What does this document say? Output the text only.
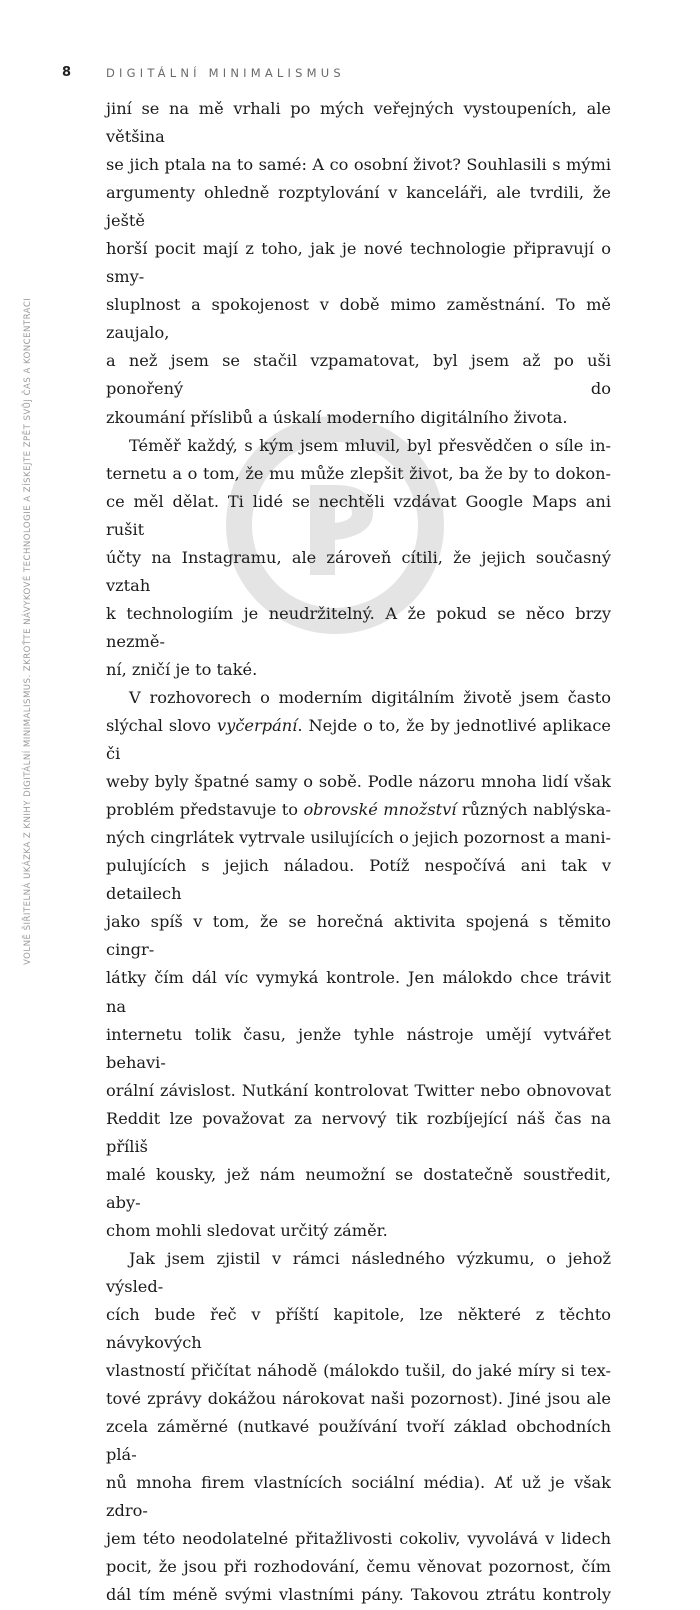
8	DIGITÁLNÍ MINIMALISMUS
VOLNĚ ŠIŘITELNÁ UKÁZKA Z KNIHY DIGITÁLNÍ MINIMALISMUS. ZKROŤTE NÁVYKOVÉ TECHNOLOGIE A ZÍSKEJTE ZPĚT SVŮJ ČAS A KONCENTRACI
jiní se na mě vrhali po mých veřejných vystoupeních, ale většina
se jich ptala na to samé: A co osobní život? Souhlasili s mými
argumenty ohledně rozptylování v kanceláři, ale tvrdili, že ještě
horší pocit mají z toho, jak je nové technologie připravují o smy-
sluplnost a spokojenost v době mimo zaměstnání. To mě zaujalo,
a než jsem se stačil vzpamatovat, byl jsem až po uši ponořený do
zkoumání příslibů a úskalí moderního digitálního života.
Téměř každý, s kým jsem mluvil, byl přesvědčen o síle in-
ternetu a o tom, že mu může zlepšit život, ba že by to dokon-
ce měl dělat. Ti lidé se nechtěli vzdávat Google Maps ani rušit
účty na Instagramu, ale zároveň cítili, že jejich současný vztah
k technologiím je neudržitelný. A že pokud se něco brzy nezmě-
ní, zničí je to také.
V rozhovorech o moderním digitálním životě jsem často
slýchal slovo vyčerpání. Nejde o to, že by jednotlivé aplikace či
weby byly špatné samy o sobě. Podle názoru mnoha lidí však
problém představuje to obrovské množství různých nablýska-
ných cingrlátek vytrvale usilujících o jejich pozornost a mani-
pulujících s jejich náladou. Potíž nespočívá ani tak v detailech
jako spíš v tom, že se horečná aktivita spojená s těmito cingr-
látky čím dál víc vymyká kontrole. Jen málokdo chce trávit na
internetu tolik času, jenže tyhle nástroje umějí vytvářet behavi-
orální závislost. Nutkání kontrolovat Twitter nebo obnovovat
Reddit lze považovat za nervový tik rozbíjející náš čas na příliš
malé kousky, jež nám neumožní se dostatečně soustředit, aby-
chom mohli sledovat určitý záměr.
Jak jsem zjistil v rámci následného výzkumu, o jehož výsled-
cích bude řeč v příští kapitole, lze některé z těchto návykových
vlastností přičítat náhodě (málokdo tušil, do jaké míry si tex-
tové zprávy dokážou nárokovat naši pozornost). Jiné jsou ale
zcela záměrné (nutkavé používání tvoří základ obchodních plá-
nů mnoha firem vlastnících sociální média). Ať už je však zdro-
jem této neodolatelné přitažlivosti cokoliv, vyvolává v lidech
pocit, že jsou při rozhodování, čemu věnovat pozornost, čím
dál tím méně svými vlastními pány. Takovou ztrátu kontroly
